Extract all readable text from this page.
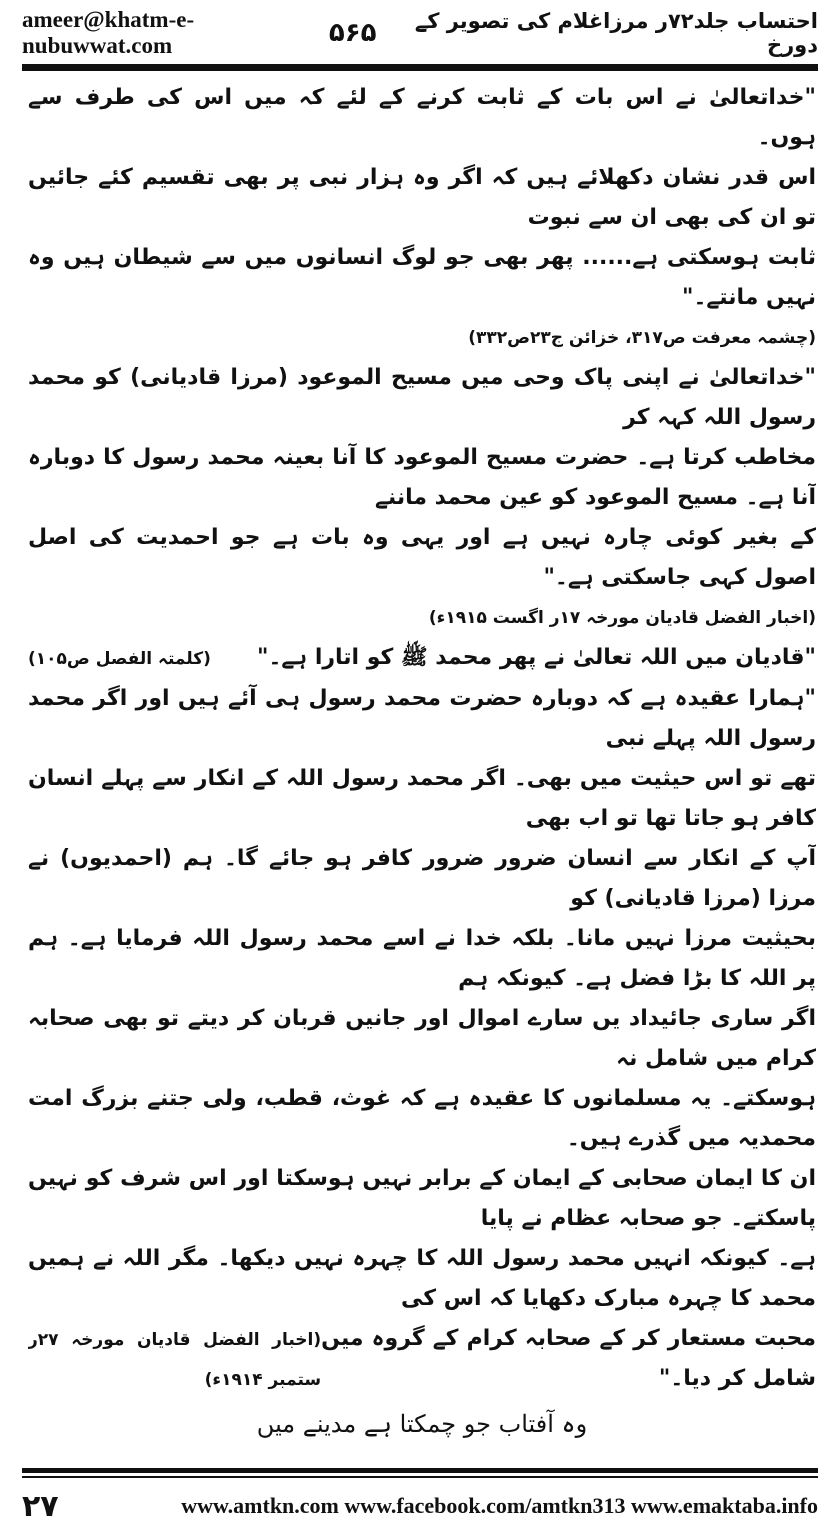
ameer@khatm-e-nubuwwat.com	۵۶۵	احتساب جلد۷۲ر مرزاغلام کی تصویر کے دورخ

"خداتعالیٰ نے اس بات کے ثابت کرنے کے لئے کہ میں اس کی طرف سے ہوں۔

اس قدر نشان دکھلائے ہیں کہ اگر وہ ہزار نبی پر بھی تقسیم کئے جائیں تو ان کی بھی ان سے نبوت

ثابت ہوسکتی ہے...... پھر بھی جو لوگ انسانوں میں سے شیطان ہیں وہ نہیں مانتے۔"

(چشمہ معرفت ص۳۱۷، خزائن ج۲۳ص۳۳۲)

"خداتعالیٰ نے اپنی پاک وحی میں مسیح الموعود (مرزا قادیانی) کو محمد رسول اللہ کہہ کر

مخاطب کرتا ہے۔ حضرت مسیح الموعود کا آنا بعینہ محمد رسول کا دوبارہ آنا ہے۔ مسیح الموعود کو عین محمد ماننے

کے بغیر کوئی چارہ نہیں ہے اور یہی وہ بات ہے جو احمدیت کی اصل اصول کہی جاسکتی ہے۔"

(اخبار الفضل قادیان مورخہ ۱۷ر اگست ۱۹۱۵ء)

"قادیان میں اللہ تعالیٰ نے پھر محمد ﷺ کو اتارا ہے۔"
(کلمتہ الفصل ص۱۰۵)

"ہمارا عقیدہ ہے کہ دوبارہ حضرت محمد رسول ہی آئے ہیں اور اگر محمد رسول اللہ پہلے نبی

تھے تو اس حیثیت میں بھی۔ اگر محمد رسول اللہ کے انکار سے پہلے انسان کافر ہو جاتا تھا تو اب بھی

آپ کے انکار سے انسان ضرور ضرور کافر ہو جائے گا۔ ہم (احمدیوں) نے مرزا (مرزا قادیانی) کو

بحیثیت مرزا نہیں مانا۔ بلکہ خدا نے اسے محمد رسول اللہ فرمایا ہے۔ ہم پر اللہ کا بڑا فضل ہے۔ کیونکہ ہم

اگر ساری جائیداد یں سارے اموال اور جانیں قربان کر دیتے تو بھی صحابہ کرام میں شامل نہ

ہوسکتے۔ یہ مسلمانوں کا عقیدہ ہے کہ غوث، قطب، ولی جتنے بزرگ امت محمدیہ میں گذرے ہیں۔

ان کا ایمان صحابی کے ایمان کے برابر نہیں ہوسکتا اور اس شرف کو نہیں پاسکتے۔ جو صحابہ عظام نے پایا

ہے۔ کیونکہ انہیں محمد رسول اللہ کا چہرہ نہیں دیکھا۔ مگر اللہ نے ہمیں محمد کا چہرہ مبارک دکھایا کہ اس کی

محبت مستعار کر کے صحابہ کرام کے گروہ میں شامل کر دیا۔"
(اخبار الفضل قادیان مورخہ ۲۷ر ستمبر ۱۹۱۴ء)

وہ آفتاب جو چمکتا ہے مدینے میں

۲۷	www.amtkn.com www.facebook.com/amtkn313 www.emaktaba.info
